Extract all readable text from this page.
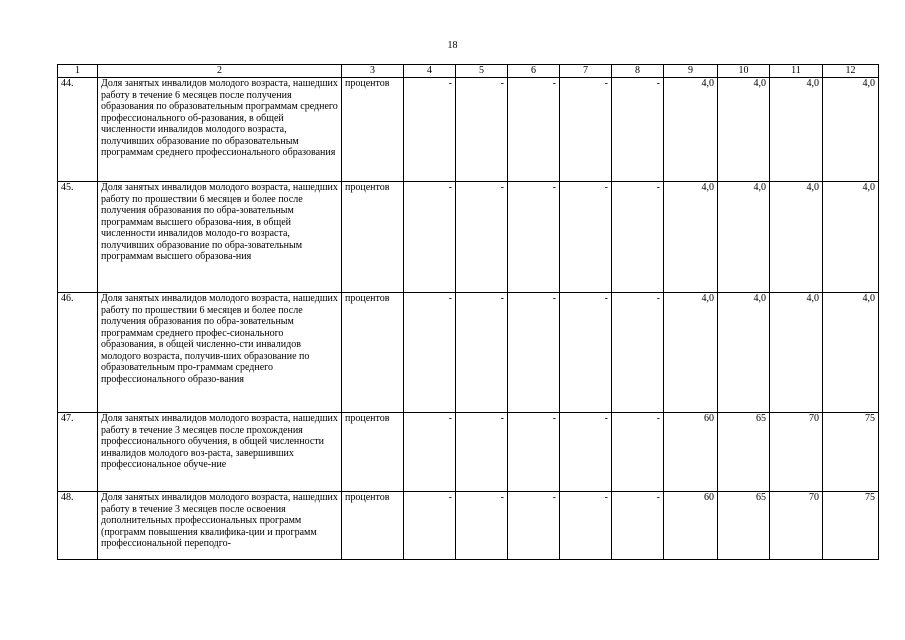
18
1	2	3	4	5	6	7	8	9	10	11	12
44.	Доля занятых инвалидов молодого возраста, нашедших работу в течение 6 месяцев после получения образования по образовательным программам среднего профессионального об-разования, в общей численности инвалидов молодого возраста, получивших образование по образовательным программам среднего профессионального образования	процентов	-	-	-	-	-	4,0	4,0	4,0	4,0
45.	Доля занятых инвалидов молодого возраста, нашедших работу по прошествии 6 месяцев и более после получения образования по обра-зовательным программам высшего образова-ния, в общей численности инвалидов молодо-го возраста, получивших образование по обра-зовательным программам высшего образова-ния	процентов	-	-	-	-	-	4,0	4,0	4,0	4,0
46.	Доля занятых инвалидов молодого возраста, нашедших работу по прошествии 6 месяцев и более после получения образования по обра-зовательным программам среднего профес-сионального образования, в общей численно-сти инвалидов молодого возраста, получив-ших образование по образовательным про-граммам среднего профессионального образо-вания	процентов	-	-	-	-	-	4,0	4,0	4,0	4,0
47.	Доля занятых инвалидов молодого возраста, нашедших работу в течение 3 месяцев после прохождения профессионального обучения, в общей численности инвалидов молодого воз-раста, завершивших профессиональное обуче-ние	процентов	-	-	-	-	-	60	65	70	75
48.	Доля занятых инвалидов молодого возраста, нашедших работу в течение 3 месяцев после освоения дополнительных профессиональных программ (программ повышения квалифика-ции и программ профессиональной переподго-	процентов	-	-	-	-	-	60	65	70	75
